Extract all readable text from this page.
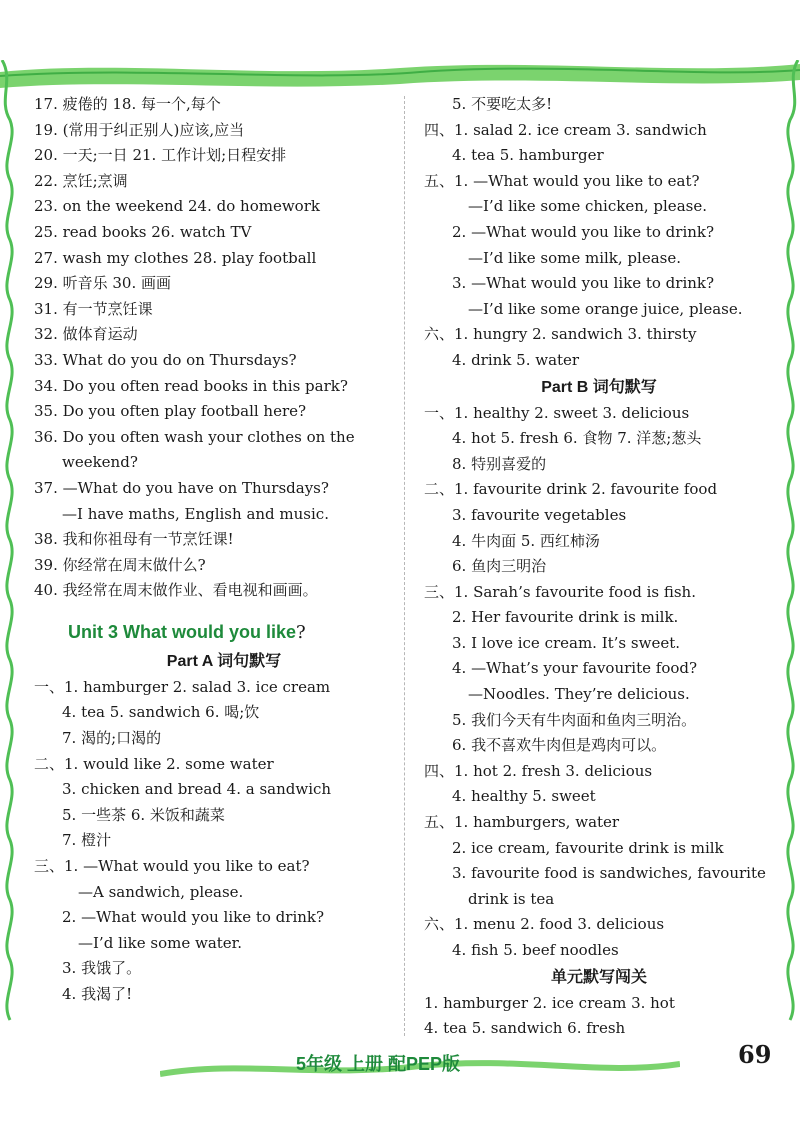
17. 疲倦的 18. 每一个,每个
19. (常用于纠正别人)应该,应当
20. 一天;一日 21. 工作计划;日程安排
22. 烹饪;烹调
23. on the weekend 24. do homework
25. read books 26. watch TV
27. wash my clothes 28. play football
29. 听音乐 30. 画画
31. 有一节烹饪课
32. 做体育运动
33. What do you do on Thursdays?
34. Do you often read books in this park?
35. Do you often play football here?
36. Do you often wash your clothes on the
weekend?
37. —What do you have on Thursdays?
—I have maths, English and music.
38. 我和你祖母有一节烹饪课!
39. 你经常在周末做什么?
40. 我经常在周末做作业、看电视和画画。
Unit 3 What would you like?
Part A 词句默写
一、1. hamburger 2. salad 3. ice cream
4. tea 5. sandwich 6. 喝;饮
7. 渴的;口渴的
二、1. would like 2. some water
3. chicken and bread 4. a sandwich
5. 一些茶 6. 米饭和蔬菜
7. 橙汁
三、1. —What would you like to eat?
—A sandwich, please.
2. —What would you like to drink?
—I’d like some water.
3. 我饿了。
4. 我渴了!
5. 不要吃太多!
四、1. salad 2. ice cream 3. sandwich
4. tea 5. hamburger
五、1. —What would you like to eat?
—I’d like some chicken, please.
2. —What would you like to drink?
—I’d like some milk, please.
3. —What would you like to drink?
—I’d like some orange juice, please.
六、1. hungry 2. sandwich 3. thirsty
4. drink 5. water
Part B 词句默写
一、1. healthy 2. sweet 3. delicious
4. hot 5. fresh 6. 食物 7. 洋葱;葱头
8. 特别喜爱的
二、1. favourite drink 2. favourite food
3. favourite vegetables
4. 牛肉面 5. 西红柿汤
6. 鱼肉三明治
三、1. Sarah’s favourite food is fish.
2. Her favourite drink is milk.
3. I love ice cream. It’s sweet.
4. —What’s your favourite food?
—Noodles. They’re delicious.
5. 我们今天有牛肉面和鱼肉三明治。
6. 我不喜欢牛肉但是鸡肉可以。
四、1. hot 2. fresh 3. delicious
4. healthy 5. sweet
五、1. hamburgers, water
2. ice cream, favourite drink is milk
3. favourite food is sandwiches, favourite
drink is tea
六、1. menu 2. food 3. delicious
4. fish 5. beef noodles
单元默写闯关
1. hamburger 2. ice cream 3. hot
4. tea 5. sandwich 6. fresh
5年级 上册 配PEP版	69
